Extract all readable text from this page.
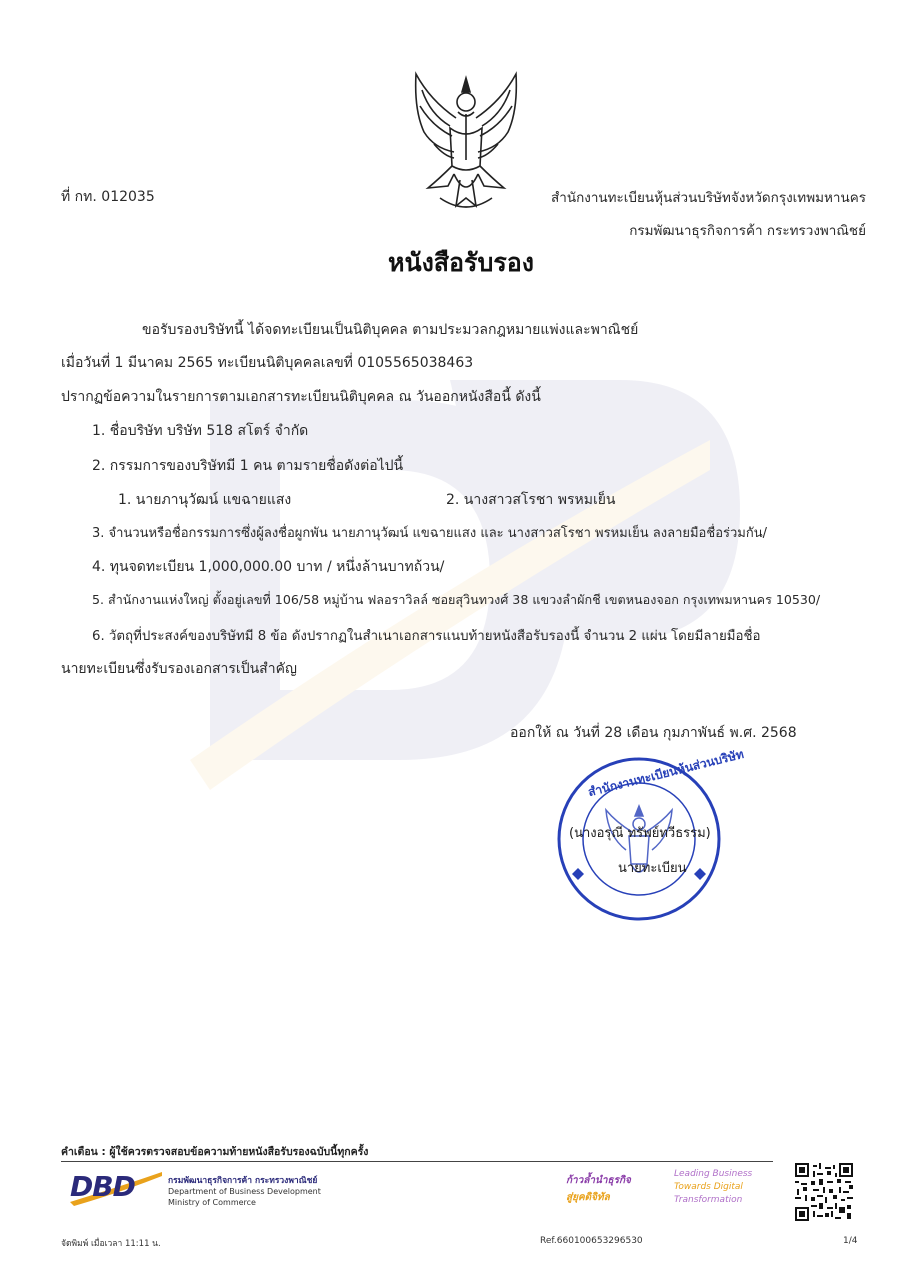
ที่ กท. 012035	สำนักงานทะเบียนหุ้นส่วนบริษัทจังหวัดกรุงเทพมหานคร
กรมพัฒนาธุรกิจการค้า กระทรวงพาณิชย์
หนังสือรับรอง
ขอรับรองบริษัทนี้ ได้จดทะเบียนเป็นนิติบุคคล ตามประมวลกฎหมายแพ่งและพาณิชย์
เมื่อวันที่ 1 มีนาคม 2565 ทะเบียนนิติบุคคลเลขที่ 0105565038463
ปรากฏข้อความในรายการตามเอกสารทะเบียนนิติบุคคล ณ วันออกหนังสือนี้ ดังนี้
1. ชื่อบริษัท บริษัท 518 สโตร์ จำกัด
2. กรรมการของบริษัทมี 1 คน ตามรายชื่อดังต่อไปนี้
1. นายภานุวัฒน์ แขฉายแสง	2. นางสาวสโรชา พรหมเย็น
3. จำนวนหรือชื่อกรรมการซึ่งผู้ลงชื่อผูกพัน นายภานุวัฒน์ แขฉายแสง และ นางสาวสโรชา พรหมเย็น ลงลายมือชื่อร่วมกัน/
4. ทุนจดทะเบียน 1,000,000.00 บาท / หนึ่งล้านบาทถ้วน/
5. สำนักงานแห่งใหญ่ ตั้งอยู่เลขที่ 106/58 หมู่บ้าน ฟลอราวิลล์ ซอยสุวินทวงศ์ 38 แขวงลำผักชี เขตหนองจอก กรุงเทพมหานคร 10530/
6. วัตถุที่ประสงค์ของบริษัทมี 8 ข้อ ดังปรากฏในสำเนาเอกสารแนบท้ายหนังสือรับรองนี้ จำนวน 2 แผ่น โดยมีลายมือชื่อ
นายทะเบียนซึ่งรับรองเอกสารเป็นสำคัญ
ออกให้ ณ วันที่ 28 เดือน กุมภาพันธ์ พ.ศ. 2568
สำนักงานทะเบียนหุ้นส่วนบริษัท
(นางอรุณี ทรัพย์ทวีธรรม)
นายทะเบียน
คำเตือน : ผู้ใช้ควรตรวจสอบข้อความท้ายหนังสือรับรองฉบับนี้ทุกครั้ง
DBD	กรมพัฒนาธุรกิจการค้า กระทรวงพาณิชย์
Department of Business Development
Ministry of Commerce
ก้าวล้ำนำธุรกิจ
สู่ยุคดิจิทัล
Leading Business
Towards Digital
Transformation
จัดพิมพ์ เมื่อเวลา 11:11 น.	Ref.660100653296530	1/4
